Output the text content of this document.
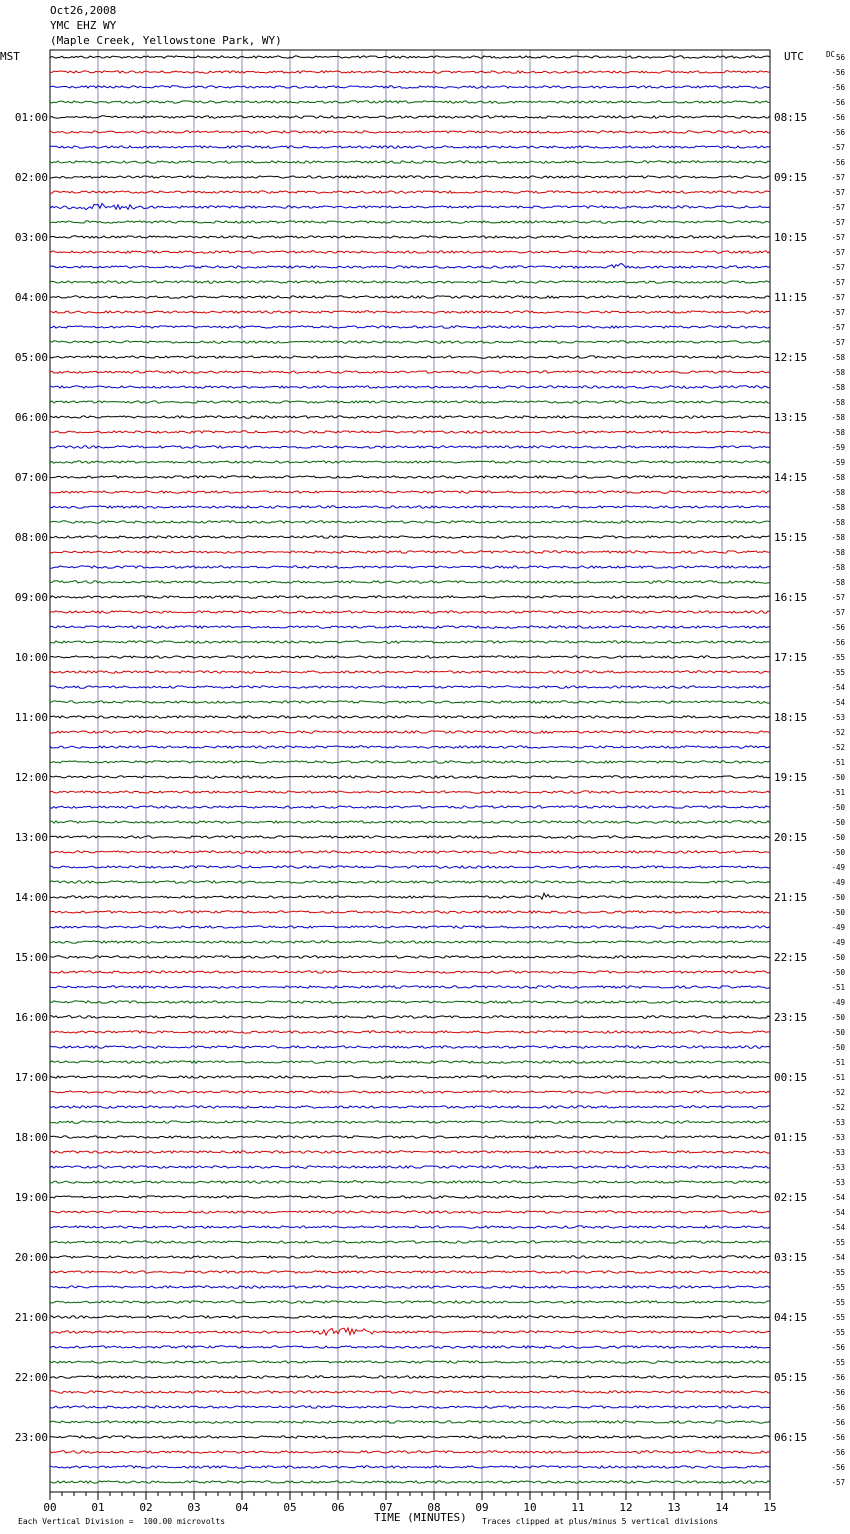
Oct26,2008
YMC EHZ WY
(Maple Creek, Yellowstone Park, WY)
MST	UTC	56
-56
-56
-56
-56
-56
-57
-56
-57
-57
-57
-57
-57
-57
-57
-57
-57
-57
-57
-57
-58
-58
-58
-58
-58
-58
-59
-59
-58
-58
-58
-58
-58
-58
-58
-58
-57
-57
-56
-56
-55
-55
-54
-54
-53
-52
-52
-51
-50
-51
-50
-50
-50
-50
-49
-49
-50
-50
-49
-49
-50
-50
-51
-49
-50
-50
-50
-51
-51
-52
-52
-53
-53
-53
-53
-53
-54
-54
-54
-55
-54
-55
-55
-55
-55
-55
-56
-55
-56
-56
-56
-56
-56
-56
-56
-57
DC
01:00
02:00
03:00
04:00
05:00
06:00
07:00
08:00
09:00
10:00
11:00
12:00
13:00
14:00
15:00
16:00
17:00
18:00
19:00
20:00
21:00
22:00
23:00
08:15
09:15
10:15
11:15
12:15
13:15
14:15
15:15
16:15
17:15
18:15
19:15
20:15
21:15
22:15
23:15
00:15
01:15
02:15
03:15
04:15
05:15
06:15
00	01	02	03	04	05	06	07	08	09	10	11	12	13	14	15
Each Vertical Division =  100.00 microvolts	TIME (MINUTES) Traces clipped at plus/minus 5 vertical divisions
